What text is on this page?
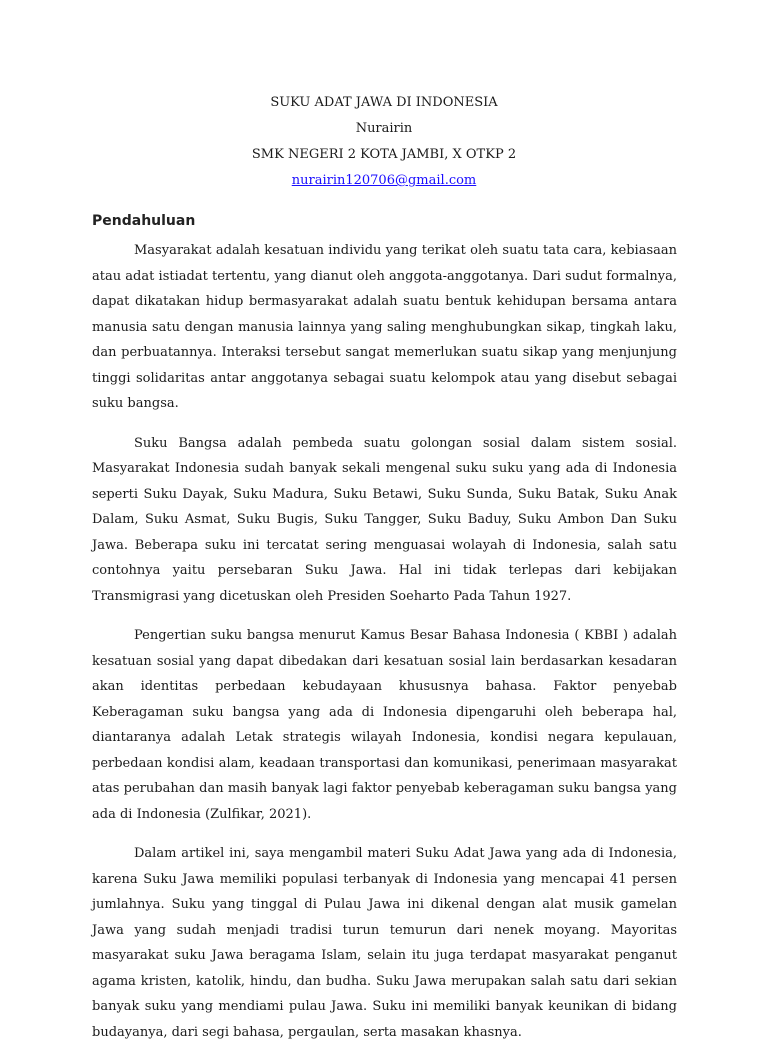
SUKU ADAT JAWA DI INDONESIA
Nurairin
SMK NEGERI 2 KOTA JAMBI, X OTKP 2
nurairin120706@gmail.com
Pendahuluan

Masyarakat adalah kesatuan individu yang terikat oleh suatu tata cara, kebiasaan atau adat istiadat tertentu, yang dianut oleh anggota-anggotanya. Dari sudut formalnya, dapat dikatakan hidup bermasyarakat adalah suatu bentuk kehidupan bersama antara manusia satu dengan manusia lainnya yang saling menghubungkan sikap, tingkah laku, dan perbuatannya. Interaksi tersebut sangat memerlukan suatu sikap yang menjunjung tinggi solidaritas antar anggotanya sebagai suatu kelompok atau yang disebut sebagai suku bangsa.

Suku Bangsa adalah pembeda suatu golongan sosial dalam sistem sosial. Masyarakat Indonesia sudah banyak sekali mengenal suku suku yang ada di Indonesia seperti Suku Dayak, Suku Madura, Suku Betawi, Suku Sunda, Suku Batak, Suku Anak Dalam, Suku Asmat, Suku Bugis, Suku Tangger, Suku Baduy, Suku Ambon Dan Suku Jawa. Beberapa suku ini tercatat sering menguasai wolayah di Indonesia, salah satu contohnya yaitu persebaran Suku Jawa. Hal ini tidak terlepas dari kebijakan Transmigrasi yang dicetuskan oleh Presiden Soeharto Pada Tahun 1927.

Pengertian suku bangsa menurut Kamus Besar Bahasa Indonesia ( KBBI ) adalah kesatuan sosial yang dapat dibedakan dari kesatuan sosial lain berdasarkan kesadaran akan identitas perbedaan kebudayaan khususnya bahasa. Faktor penyebab Keberagaman suku bangsa yang ada di Indonesia dipengaruhi oleh beberapa hal, diantaranya adalah Letak strategis wilayah Indonesia, kondisi negara kepulauan, perbedaan kondisi alam, keadaan transportasi dan komunikasi, penerimaan masyarakat atas perubahan dan masih banyak lagi faktor penyebab keberagaman suku bangsa yang ada di Indonesia (Zulfikar, 2021).

Dalam artikel ini, saya mengambil materi Suku Adat Jawa yang ada di Indonesia, karena Suku Jawa memiliki populasi terbanyak di Indonesia yang mencapai 41 persen jumlahnya. Suku yang tinggal di Pulau Jawa ini dikenal dengan alat musik gamelan Jawa yang sudah menjadi tradisi turun temurun dari nenek moyang. Mayoritas masyarakat suku Jawa beragama Islam, selain itu juga terdapat masyarakat penganut agama kristen, katolik, hindu, dan budha. Suku Jawa merupakan salah satu dari sekian banyak suku yang mendiami pulau Jawa. Suku ini memiliki banyak keunikan di bidang budayanya, dari segi bahasa, pergaulan, serta masakan khasnya.
